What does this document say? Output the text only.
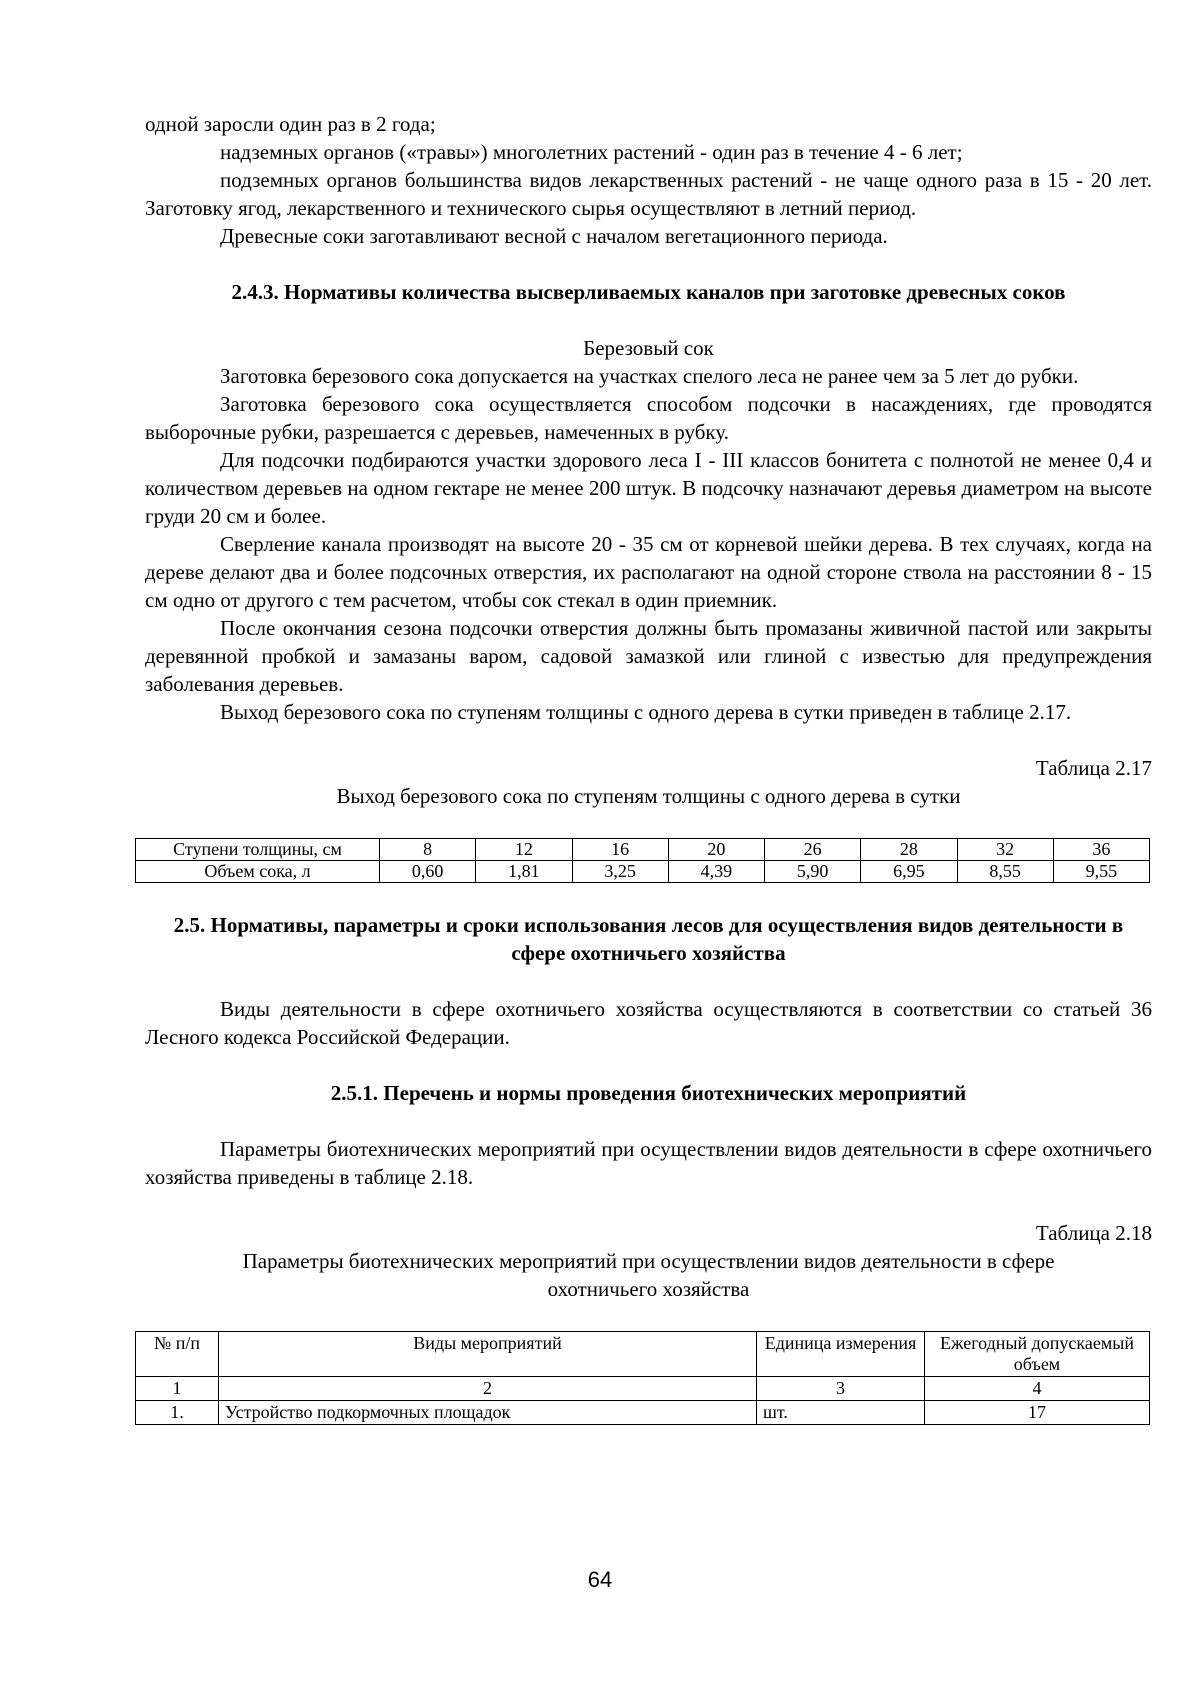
одной заросли один раз в 2 года;

надземных органов («травы») многолетних растений - один раз в течение 4 - 6 лет;

подземных органов большинства видов лекарственных растений - не чаще одного раза в 15 - 20 лет. Заготовку ягод, лекарственного и технического сырья осуществляют в летний период.

Древесные соки заготавливают весной с началом вегетационного периода.

2.4.3. Нормативы количества высверливаемых каналов при заготовке древесных соков

Березовый сок

Заготовка березового сока допускается на участках спелого леса не ранее чем за 5 лет до рубки.

Заготовка березового сока осуществляется способом подсочки в насаждениях, где проводятся выборочные рубки, разрешается с деревьев, намеченных в рубку.

Для подсочки подбираются участки здорового леса I - III классов бонитета с полнотой не менее 0,4 и количеством деревьев на одном гектаре не менее 200 штук. В подсочку назначают деревья диаметром на высоте груди 20 см и более.

Сверление канала производят на высоте 20 - 35 см от корневой шейки дерева. В тех случаях, когда на дереве делают два и более подсочных отверстия, их располагают на одной стороне ствола на расстоянии 8 - 15 см одно от другого с тем расчетом, чтобы сок стекал в один приемник.

После окончания сезона подсочки отверстия должны быть промазаны живичной пастой или закрыты деревянной пробкой и замазаны варом, садовой замазкой или глиной с известью для предупреждения заболевания деревьев.

Выход березового сока по ступеням толщины с одного дерева в сутки приведен в таблице 2.17.

Таблица 2.17

Выход березового сока по ступеням толщины с одного дерева в сутки

Ступени толщины, см	8	12	16	20	26	28	32	36
Объем сока, л	0,60	1,81	3,25	4,39	5,90	6,95	8,55	9,55

2.5. Нормативы, параметры и сроки использования лесов для осуществления видов деятельности в сфере охотничьего хозяйства

Виды деятельности в сфере охотничьего хозяйства осуществляются в соответствии со статьей 36 Лесного кодекса Российской Федерации.

2.5.1. Перечень и нормы проведения биотехнических мероприятий

Параметры биотехнических мероприятий при осуществлении видов деятельности в сфере охотничьего хозяйства приведены в таблице 2.18.

Таблица 2.18

Параметры биотехнических мероприятий при осуществлении видов деятельности в сфере охотничьего хозяйства

№ п/п	Виды мероприятий	Единица измерения	Ежегодный допускаемый объем
1	2	3	4
1.	Устройство подкормочных площадок	шт.	17
64
